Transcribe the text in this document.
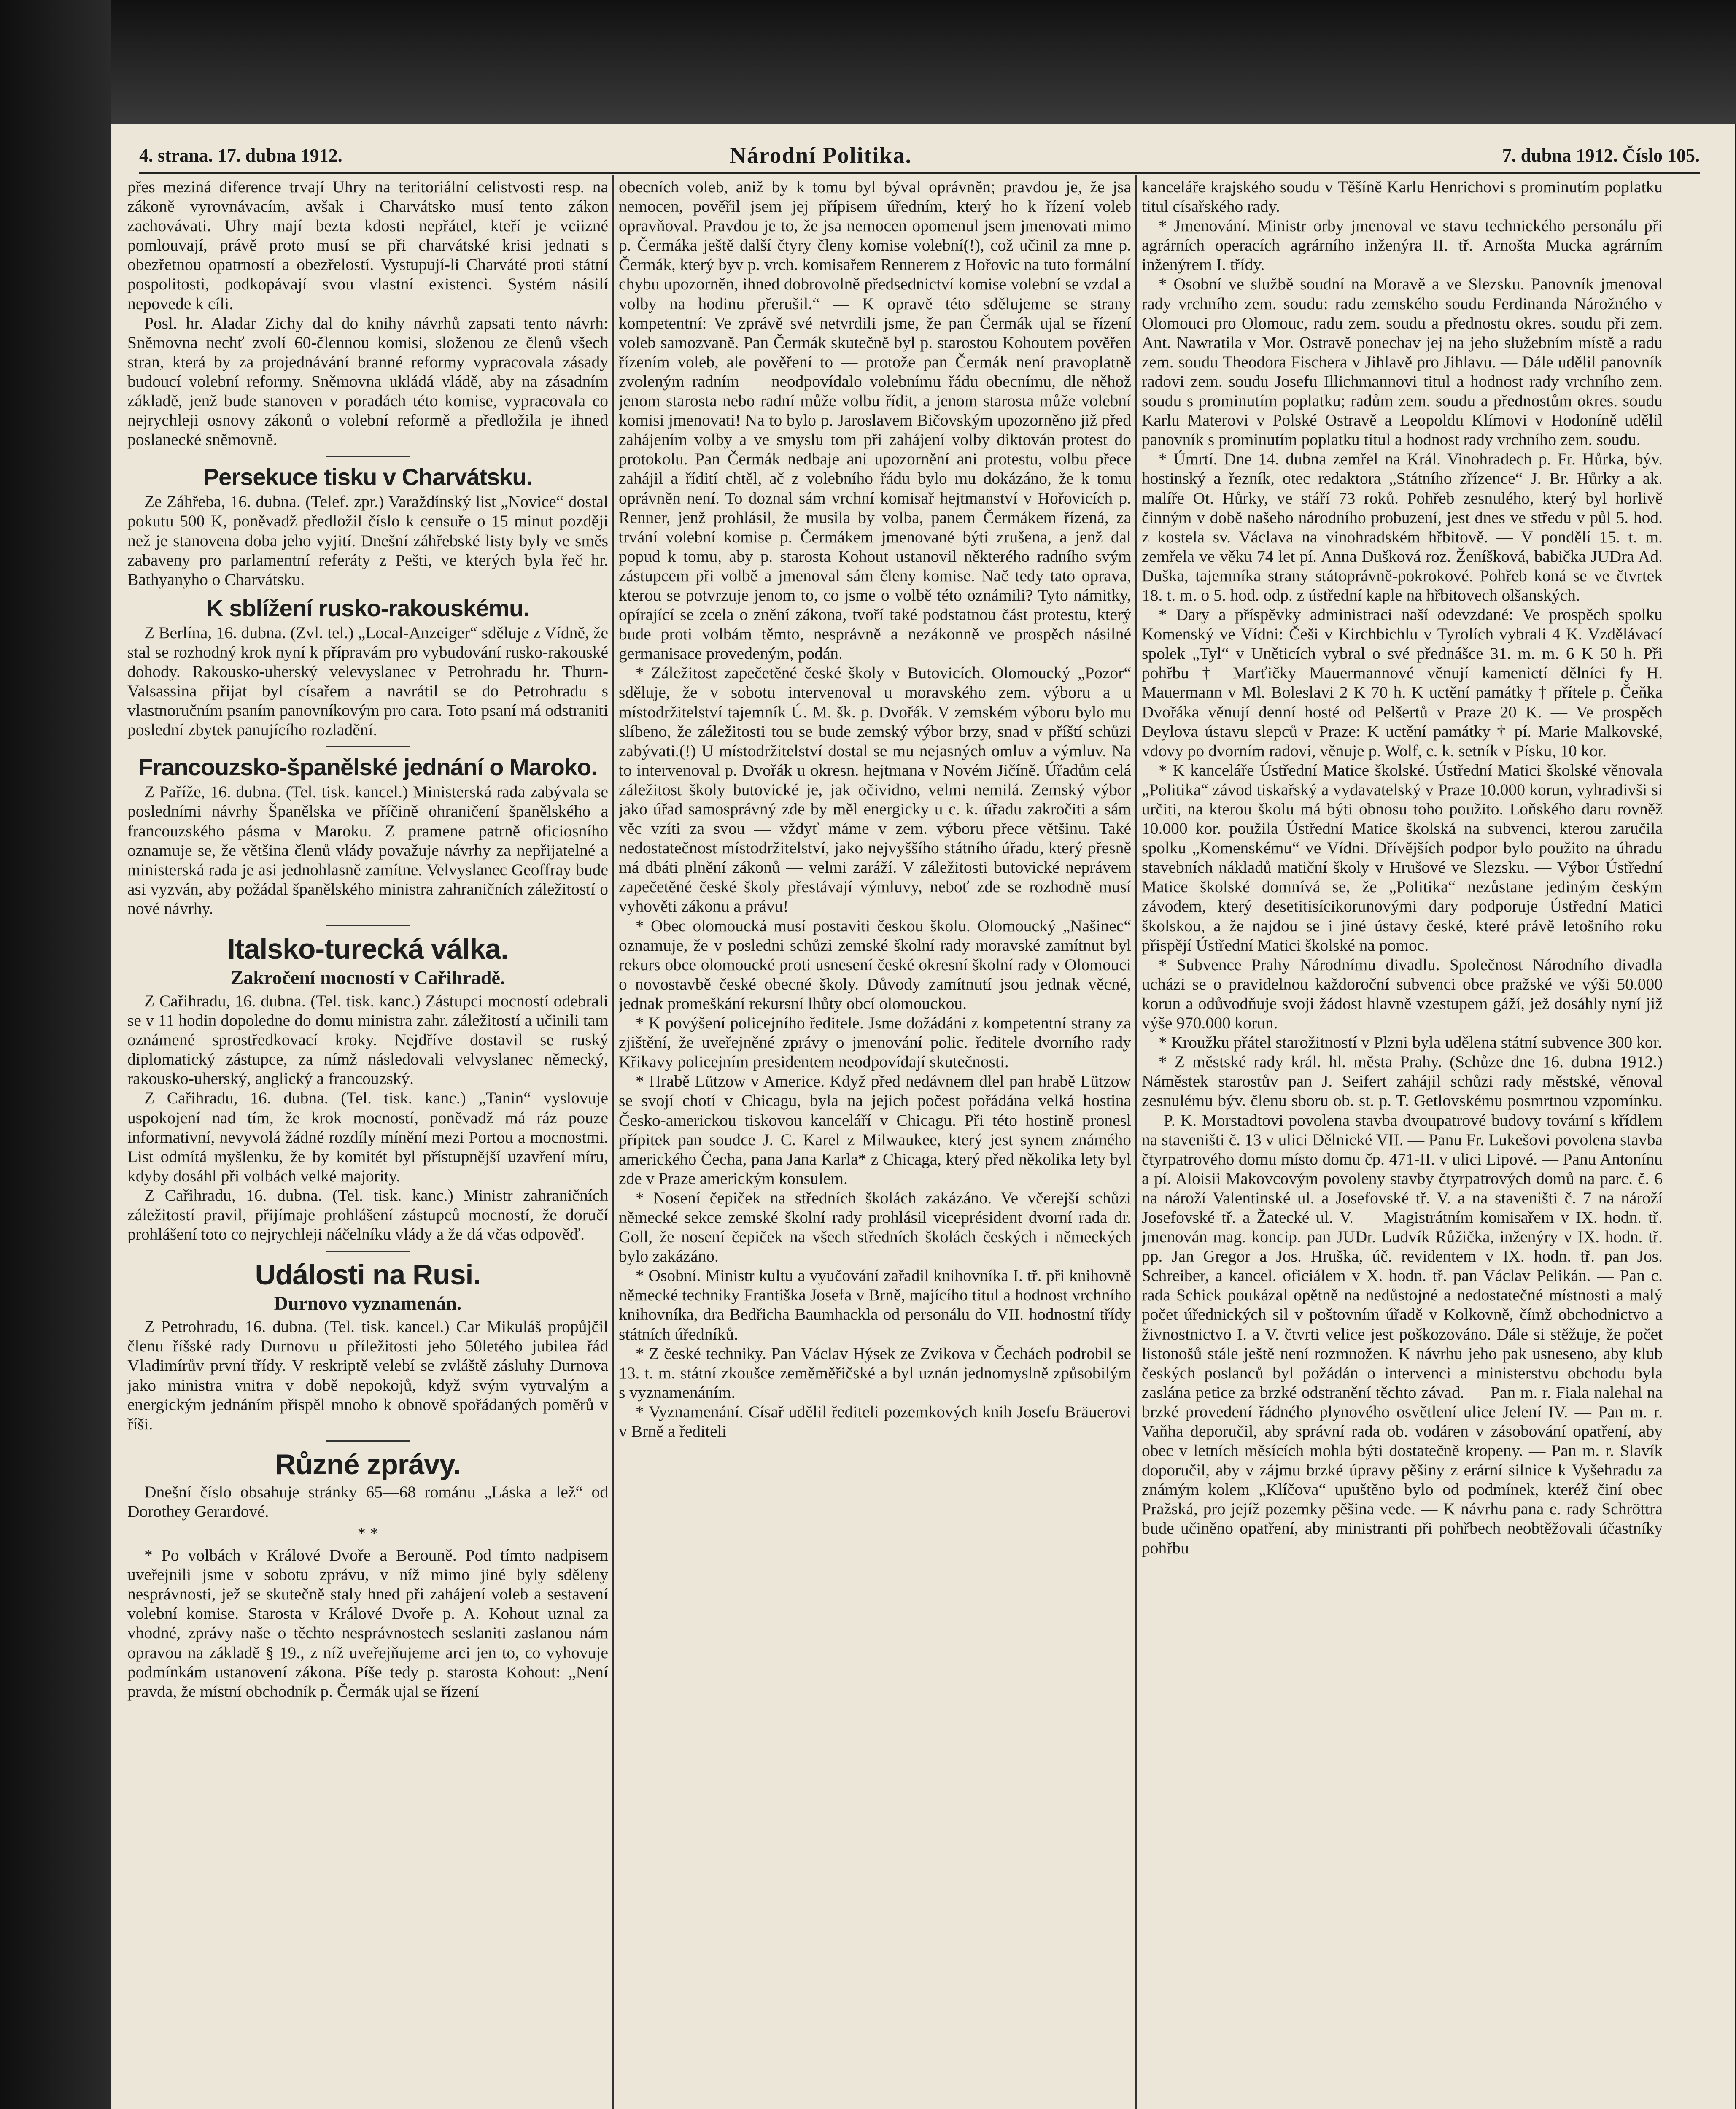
4. strana. 17. dubna 1912.	Národní Politika.	7. dubna 1912. Číslo 105.

přes meziná diference trvají Uhry na teritoriální celistvosti resp. na zákoně vyrovnávacím, avšak i Charvátsko musí tento zákon zachovávati. Uhry mají bezta kdosti nepřátel, kteří je vciizné pomlouvají, právě proto musí se při charvátské krisi jednati s obezřetnou opatrností a obezřelostí. Vystupují-li Charváté proti státní pospolitosti, podkopávají svou vlastní existenci. Systém násilí nepovede k cíli.

Posl. hr. Aladar Zichy dal do knihy návrhů zapsati tento návrh: Sněmovna nechť zvolí 60-člennou komisi, složenou ze členů všech stran, která by za projednávání branné reformy vypracovala zásady budoucí volební reformy. Sněmovna ukládá vládě, aby na zásadním základě, jenž bude stanoven v poradách této komise, vypracovala co nejrychleji osnovy zákonů o volební reformě a předložila je ihned poslanecké sněmovně.

Persekuce tisku v Charvátsku.

Ze Záhřeba, 16. dubna. (Telef. zpr.) Varaždínský list „Novice“ dostal pokutu 500 K, poněvadž předložil číslo k censuře o 15 minut později než je stanovena doba jeho vyjití. Dnešní záhřebské listy byly ve směs zabaveny pro parlamentní referáty z Pešti, ve kterých byla řeč hr. Bathyanyho o Charvátsku.

K sblížení rusko-rakouskému.

Z Berlína, 16. dubna. (Zvl. tel.) „Local-Anzeiger“ sděluje z Vídně, že stal se rozhodný krok nyní k přípravám pro vybudování rusko-rakouské dohody. Rakousko-uherský velevyslanec v Petrohradu hr. Thurn-Valsassina přijat byl císařem a navrátil se do Petrohradu s vlastnoručním psaním panovníkovým pro cara. Toto psaní má odstraniti poslední zbytek panujícího rozladění.

Francouzsko-španělské jednání o Maroko.

Z Paříže, 16. dubna. (Tel. tisk. kancel.) Ministerská rada zabývala se posledními návrhy Španělska ve příčině ohraničení španělského a francouzského pásma v Maroku. Z pramene patrně oficiosního oznamuje se, že většina členů vlády považuje návrhy za nepřijatelné a ministerská rada je asi jednohlasně zamítne. Velvyslanec Geoffray bude asi vyzván, aby požádal španělského ministra zahraničních záležitostí o nové návrhy.

Italsko-turecká válka.
Zakročení mocností v Cařihradě.

Z Cařihradu, 16. dubna. (Tel. tisk. kanc.) Zástupci mocností odebrali se v 11 hodin dopoledne do domu ministra zahr. záležitostí a učinili tam oznámené sprostředkovací kroky. Nejdříve dostavil se ruský diplomatický zástupce, za nímž následovali velvyslanec německý, rakousko-uherský, anglický a francouzský.

Z Cařihradu, 16. dubna. (Tel. tisk. kanc.) „Tanin“ vyslovuje uspokojení nad tím, že krok mocností, poněvadž má ráz pouze informativní, nevyvolá žádné rozdíly mínění mezi Portou a mocnostmi. List odmítá myšlenku, že by komitét byl přístupnější uzavření míru, kdyby dosáhl při volbách velké majority.

Z Cařihradu, 16. dubna. (Tel. tisk. kanc.) Ministr zahraničních záležitostí pravil, přijímaje prohlášení zástupců mocností, že doručí prohlášení toto co nejrychleji náčelníku vlády a že dá včas odpověď.

Události na Rusi.
Durnovo vyznamenán.

Z Petrohradu, 16. dubna. (Tel. tisk. kancel.) Car Mikuláš propůjčil členu říšské rady Durnovu u příležitosti jeho 50letého jubilea řád Vladimírův první třídy. V reskriptě velebí se zvláště zásluhy Durnova jako ministra vnitra v době nepokojů, když svým vytrvalým a energickým jednáním přispěl mnoho k obnově spořádaných poměrů v říši.

Různé zprávy.

Dnešní číslo obsahuje stránky 65—68 románu „Láska a lež“ od Dorothey Gerardové.

* *

* Po volbách v Králové Dvoře a Berouně. Pod tímto nadpisem uveřejnili jsme v sobotu zprávu, v níž mimo jiné byly sděleny nesprávnosti, jež se skutečně staly hned při zahájení voleb a sestavení volební komise. Starosta v Králové Dvoře p. A. Kohout uznal za vhodné, zprávy naše o těchto nesprávnostech seslaniti zaslanou nám opravou na základě § 19., z níž uveřejňujeme arci jen to, co vyhovuje podmínkám ustanovení zákona. Píše tedy p. starosta Kohout: „Není pravda, že místní obchodník p. Čermák ujal se řízení

obecních voleb, aniž by k tomu byl býval oprávněn; pravdou je, že jsa nemocen, pověřil jsem jej přípisem úředním, který ho k řízení voleb opravňoval. Pravdou je to, že jsa nemocen opomenul jsem jmenovati mimo p. Čermáka ještě další čtyry členy komise volební(!), což učinil za mne p. Čermák, který byv p. vrch. komisařem Rennerem z Hořovic na tuto formální chybu upozorněn, ihned dobrovolně předsednictví komise volební se vzdal a volby na hodinu přerušil.“ — K opravě této sdělujeme se strany kompetentní: Ve zprávě své netvrdili jsme, že pan Čermák ujal se řízení voleb samozvaně. Pan Čermák skutečně byl p. starostou Kohoutem pověřen řízením voleb, ale pověření to — protože pan Čermák není pravoplatně zvoleným radním — neodpovídalo volebnímu řádu obecnímu, dle něhož jenom starosta nebo radní může volbu řídit, a jenom starosta může volební komisi jmenovati! Na to bylo p. Jaroslavem Bičovským upozorněno již před zahájením volby a ve smyslu tom při zahájení volby diktován protest do protokolu. Pan Čermák nedbaje ani upozornění ani protestu, volbu přece zahájil a řídití chtěl, ač z volebního řádu bylo mu dokázáno, že k tomu oprávněn není. To doznal sám vrchní komisař hejtmanství v Hořovicích p. Renner, jenž prohlásil, že musila by volba, panem Čermákem řízená, za trvání volební komise p. Čermákem jmenované býti zrušena, a jenž dal popud k tomu, aby p. starosta Kohout ustanovil některého radního svým zástupcem při volbě a jmenoval sám členy komise. Nač tedy tato oprava, kterou se potvrzuje jenom to, co jsme o volbě této oznámili? Tyto námitky, opírající se zcela o znění zákona, tvoří také podstatnou část protestu, který bude proti volbám těmto, nesprávně a nezákonně ve prospěch násilné germanisace provedeným, podán.

* Záležitost zapečetěné české školy v Butovicích. Olomoucký „Pozor“ sděluje, že v sobotu intervenoval u moravského zem. výboru a u místodržitelství tajemník Ú. M. šk. p. Dvořák. V zemském výboru bylo mu slíbeno, že záležitosti tou se bude zemský výbor brzy, snad v příští schůzi zabývati.(!) U místodržitelství dostal se mu nejasných omluv a výmluv. Na to intervenoval p. Dvořák u okresn. hejtmana v Novém Jičíně. Úřadům celá záležitost školy butovické je, jak očividno, velmi nemilá. Zemský výbor jako úřad samosprávný zde by měl energicky u c. k. úřadu zakročiti a sám věc vzíti za svou — vždyť máme v zem. výboru přece většinu. Také nedostatečnost místodržitelství, jako nejvyššího státního úřadu, který přesně má dbáti plnění zákonů — velmi zaráží. V záležitosti butovické neprávem zapečetěné české školy přestávají výmluvy, neboť zde se rozhodně musí vyhověti zákonu a právu!

* Obec olomoucká musí postaviti českou školu. Olomoucký „Našinec“ oznamuje, že v posledni schůzi zemské školní rady moravské zamítnut byl rekurs obce olomoucké proti usnesení české okresní školní rady v Olomouci o novostavbě české obecné školy. Důvody zamítnutí jsou jednak věcné, jednak promeškání rekursní lhůty obcí olomouckou.

* K povýšení policejního ředitele. Jsme dožádáni z kompetentní strany za zjištění, že uveřejněné zprávy o jmenování polic. ředitele dvorního rady Křikavy policejním presidentem neodpovídají skutečnosti.

* Hrabě Lützow v Americe. Když před nedávnem dlel pan hrabě Lützow se svojí chotí v Chicagu, byla na jejich počest pořádána velká hostina Česko-americkou tiskovou kanceláří v Chicagu. Při této hostině pronesl přípitek pan soudce J. C. Karel z Milwaukee, který jest synem známého amerického Čecha, pana Jana Karla* z Chicaga, který před několika lety byl zde v Praze americkým konsulem.

* Nosení čepiček na středních školách zakázáno. Ve včerejší schůzi německé sekce zemské školní rady prohlásil viceprésident dvorní rada dr. Goll, že nosení čepiček na všech středních školách českých i německých bylo zakázáno.

* Osobní. Ministr kultu a vyučování zařadil knihovníka I. tř. při knihovně německé techniky Františka Josefa v Brně, majícího titul a hodnost vrchního knihovníka, dra Bedřicha Baumhackla od personálu do VII. hodnostní třídy státních úředníků.

* Z české techniky. Pan Václav Hýsek ze Zvikova v Čechách podrobil se 13. t. m. státní zkoušce zeměměřičské a byl uznán jednomyslně způsobilým s vyznamenáním.

* Vyznamenání. Císař udělil řediteli pozemkových knih Josefu Bräuerovi v Brně a řediteli

kanceláře krajského soudu v Těšíně Karlu Henrichovi s prominutím poplatku titul císařského rady.

* Jmenování. Ministr orby jmenoval ve stavu technického personálu při agrárních operacích agrárního inženýra II. tř. Arnošta Mucka agrárním inženýrem I. třídy.

* Osobní ve službě soudní na Moravě a ve Slezsku. Panovník jmenoval rady vrchního zem. soudu: radu zemského soudu Ferdinanda Nárožného v Olomouci pro Olomouc, radu zem. soudu a přednostu okres. soudu při zem. Ant. Nawratila v Mor. Ostravě ponechav jej na jeho služebním místě a radu zem. soudu Theodora Fischera v Jihlavě pro Jihlavu. — Dále udělil panovník radovi zem. soudu Josefu Illichmannovi titul a hodnost rady vrchního zem. soudu s prominutím poplatku; radům zem. soudu a přednostům okres. soudu Karlu Materovi v Polské Ostravě a Leopoldu Klímovi v Hodoníně udělil panovník s prominutím poplatku titul a hodnost rady vrchního zem. soudu.

* Úmrtí. Dne 14. dubna zemřel na Král. Vinohradech p. Fr. Hůrka, býv. hostinský a řezník, otec redaktora „Státního zřízence“ J. Br. Hůrky a ak. malíře Ot. Hůrky, ve stáří 73 roků. Pohřeb zesnulého, který byl horlivě činným v době našeho národního probuzení, jest dnes ve středu v půl 5. hod. z kostela sv. Václava na vinohradském hřbitově. — V pondělí 15. t. m. zemřela ve věku 74 let pí. Anna Dušková roz. Ženíšková, babička JUDra Ad. Duška, tajemníka strany státoprávně-pokrokové. Pohřeb koná se ve čtvrtek 18. t. m. o 5. hod. odp. z ústřední kaple na hřbitovech olšanských.

* Dary a příspěvky administraci naší odevzdané: Ve prospěch spolku Komenský ve Vídni: Češi v Kirchbichlu v Tyrolích vybrali 4 K. Vzdělávací spolek „Tyl“ v Uněticích vybral o své přednášce 31. m. m. 6 K 50 h. Při pohřbu † Marťičky Mauermannové věnují kamenictí dělníci fy H. Mauermann v Ml. Boleslavi 2 K 70 h. K uctění památky † přítele p. Čeňka Dvořáka věnují denní hosté od Pelšertů v Praze 20 K. — Ve prospěch Deylova ústavu slepců v Praze: K uctění památky † pí. Marie Malkovské, vdovy po dvorním radovi, věnuje p. Wolf, c. k. setník v Písku, 10 kor.

* K kanceláře Ústřední Matice školské. Ústřední Matici školské věnovala „Politika“ závod tiskařský a vydavatelský v Praze 10.000 korun, vyhradivši si určiti, na kterou školu má býti obnosu toho použito. Loňského daru rovněž 10.000 kor. použila Ústřední Matice školská na subvenci, kterou zaručila spolku „Komenskému“ ve Vídni. Dřívějších podpor bylo použito na úhradu stavebních nákladů matiční školy v Hrušové ve Slezsku. — Výbor Ústřední Matice školské domnívá se, že „Politika“ nezůstane jediným českým závodem, který desetitisícikorunovými dary podporuje Ústřední Matici školskou, a že najdou se i jiné ústavy české, které právě letošního roku přispějí Ústřední Matici školské na pomoc.

* Subvence Prahy Národnímu divadlu. Společnost Národního divadla ucházi se o pravidelnou každoroční subvenci obce pražské ve výši 50.000 korun a odůvodňuje svoji žádost hlavně vzestupem gáží, jež dosáhly nyní již výše 970.000 korun.

* Kroužku přátel starožitností v Plzni byla udělena státní subvence 300 kor.

* Z městské rady král. hl. města Prahy. (Schůze dne 16. dubna 1912.) Náměstek starostův pan J. Seifert zahájil schůzi rady městské, věnoval zesnulému býv. členu sboru ob. st. p. T. Getlovskému posmrtnou vzpomínku. — P. K. Morstadtovi povolena stavba dvoupatrové budovy tovární s křídlem na staveništi č. 13 v ulici Dělnické VII. — Panu Fr. Lukešovi povolena stavba čtyrpatrového domu místo domu čp. 471-II. v ulici Lipové. — Panu Antonínu a pí. Aloisii Makovcovým povoleny stavby čtyrpatrových domů na parc. č. 6 na nároží Valentinské ul. a Josefovské tř. V. a na staveništi č. 7 na nároží Josefovské tř. a Žatecké ul. V. — Magistrátním komisařem v IX. hodn. tř. jmenován mag. koncip. pan JUDr. Ludvík Růžička, inženýry v IX. hodn. tř. pp. Jan Gregor a Jos. Hruška, úč. revidentem v IX. hodn. tř. pan Jos. Schreiber, a kancel. oficiálem v X. hodn. tř. pan Václav Pelikán. — Pan c. rada Schick poukázal opětně na nedůstojné a nedostatečné místnosti a malý počet úřednických sil v poštovním úřadě v Kolkovně, čímž obchodnictvo a živnostnictvo I. a V. čtvrti velice jest poškozováno. Dále si stěžuje, že počet listonošů stále ještě není rozmnožen. K návrhu jeho pak usneseno, aby klub českých poslanců byl požádán o intervenci a ministerstvu obchodu byla zaslána petice za brzké odstranění těchto závad. — Pan m. r. Fiala nalehal na brzké provedení řádného plynového osvětlení ulice Jelení IV. — Pan m. r. Vaňha deporučil, aby správní rada ob. vodáren v zásobování opatření, aby obec v letních měsících mohla býti dostatečně kropeny. — Pan m. r. Slavík doporučil, aby v zájmu brzké úpravy pěšiny z erární silnice k Vyšehradu za známým kolem „Klíčova“ upuštěno bylo od podmínek, kteréž činí obec Pražská, pro jejíž pozemky pěšina vede. — K návrhu pana c. rady Schröttra bude učiněno opatření, aby ministranti při pohřbech neobtěžovali účastníky pohřbu
